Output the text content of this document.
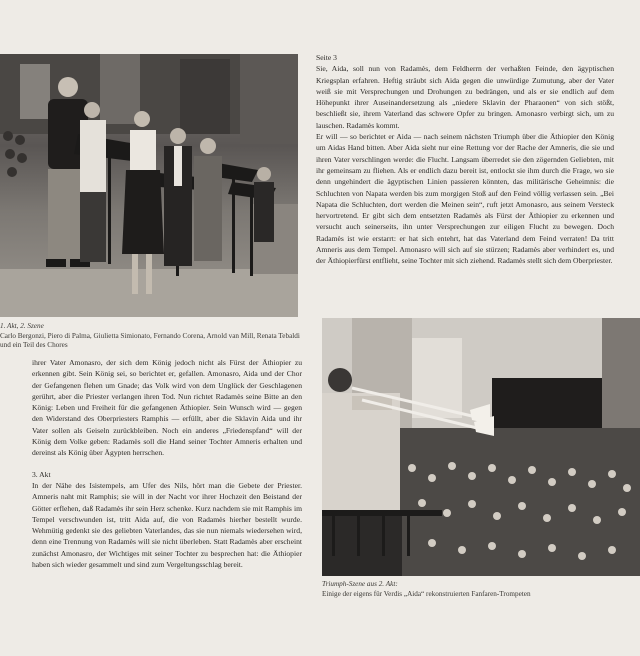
1. Akt, 2. Szene
Carlo Bergonzi, Piero di Palma, Giulietta Simionato, Fernando Corena, Arnold van Mill, Renata Tebaldi und ein Teil des Chores

ihrer Vater Amonasro, der sich dem König jedoch nicht als Fürst der Äthiopier zu erkennen gibt. Sein König sei, so berichtet er, gefallen. Amonasro, Aida und der Chor der Gefangenen flehen um Gnade; das Volk wird von dem Unglück der Geschlagenen gerührt, aber die Priester verlangen ihren Tod. Nun richtet Radamès seine Bitte an den König: Leben und Freiheit für die gefangenen Äthiopier. Sein Wunsch wird — gegen den Widerstand des Oberpriesters Ramphis — erfüllt, aber die Sklavin Aida und ihr Vater sollen als Geiseln zurückbleiben. Noch ein anderes „Friedenspfand“ will der König dem Volke geben: Radamès soll die Hand seiner Tochter Amneris erhalten und dereinst als König über Ägypten herrschen.

3. Akt

In der Nähe des Isistempels, am Ufer des Nils, hört man die Gebete der Priester. Amneris naht mit Ramphis; sie will in der Nacht vor ihrer Hochzeit den Beistand der Götter erflehen, daß Radamès ihr sein Herz schenke. Kurz nachdem sie mit Ramphis im Tempel verschwunden ist, tritt Aida auf, die von Radamès hierher bestellt wurde. Wehmütig gedenkt sie des geliebten Vaterlandes, das sie nun niemals wiedersehen wird, denn eine Trennung von Radamès will sie nicht überleben. Statt Radamès aber erscheint zunächst Amonasro, der Wichtiges mit seiner Tochter zu besprechen hat: die Äthiopier haben sich wieder gesammelt und sind zum Vergeltungsschlag bereit.

Seite 3

Sie, Aida, soll nun von Radamès, dem Feldherrn der verhaßten Feinde, den ägyptischen Kriegsplan erfahren. Heftig sträubt sich Aida gegen die unwürdige Zumutung, aber der Vater weiß sie mit Versprechungen und Drohungen zu bedrängen, und als er sie endlich auf dem Höhepunkt ihrer Auseinandersetzung als „niedere Sklavin der Pharaonen“ von sich stößt, beschließt sie, ihrem Vaterland das schwere Opfer zu bringen. Amonasro verbirgt sich, um zu lauschen. Radamès kommt.

Er will — so berichtet er Aida — nach seinem nächsten Triumph über die Äthiopier den König um Aidas Hand bitten. Aber Aida sieht nur eine Rettung vor der Rache der Amneris, die sie und ihren Vater verschlingen werde: die Flucht. Langsam überredet sie den zögernden Geliebten, mit ihr gemeinsam zu fliehen. Als er endlich dazu bereit ist, entlockt sie ihm durch die Frage, wo sie denn ungehindert die ägyptischen Linien passieren könnten, das militärische Geheimnis: die Schluchten von Napata werden bis zum morgigen Stoß auf den Feind völlig verlassen sein. „Bei Napata die Schluchten, dort werden die Meinen sein“, ruft jetzt Amonasro, aus seinem Versteck hervortretend. Er gibt sich dem entsetzten Radamès als Fürst der Äthiopier zu erkennen und versucht auch seinerseits, ihn unter Versprechungen zur eiligen Flucht zu bewegen. Doch Radamès ist wie erstarrt: er hat sich entehrt, hat das Vaterland dem Feind verraten! Da tritt Amneris aus dem Tempel. Amonasro will sich auf sie stürzen; Radamès aber verhindert es, und der Äthiopierfürst entflieht, seine Tochter mit sich ziehend. Radamès stellt sich dem Oberpriester.

Triumph-Szene aus 2. Akt:
Einige der eigens für Verdis „Aida“ rekonstruierten Fanfaren-Trompeten
